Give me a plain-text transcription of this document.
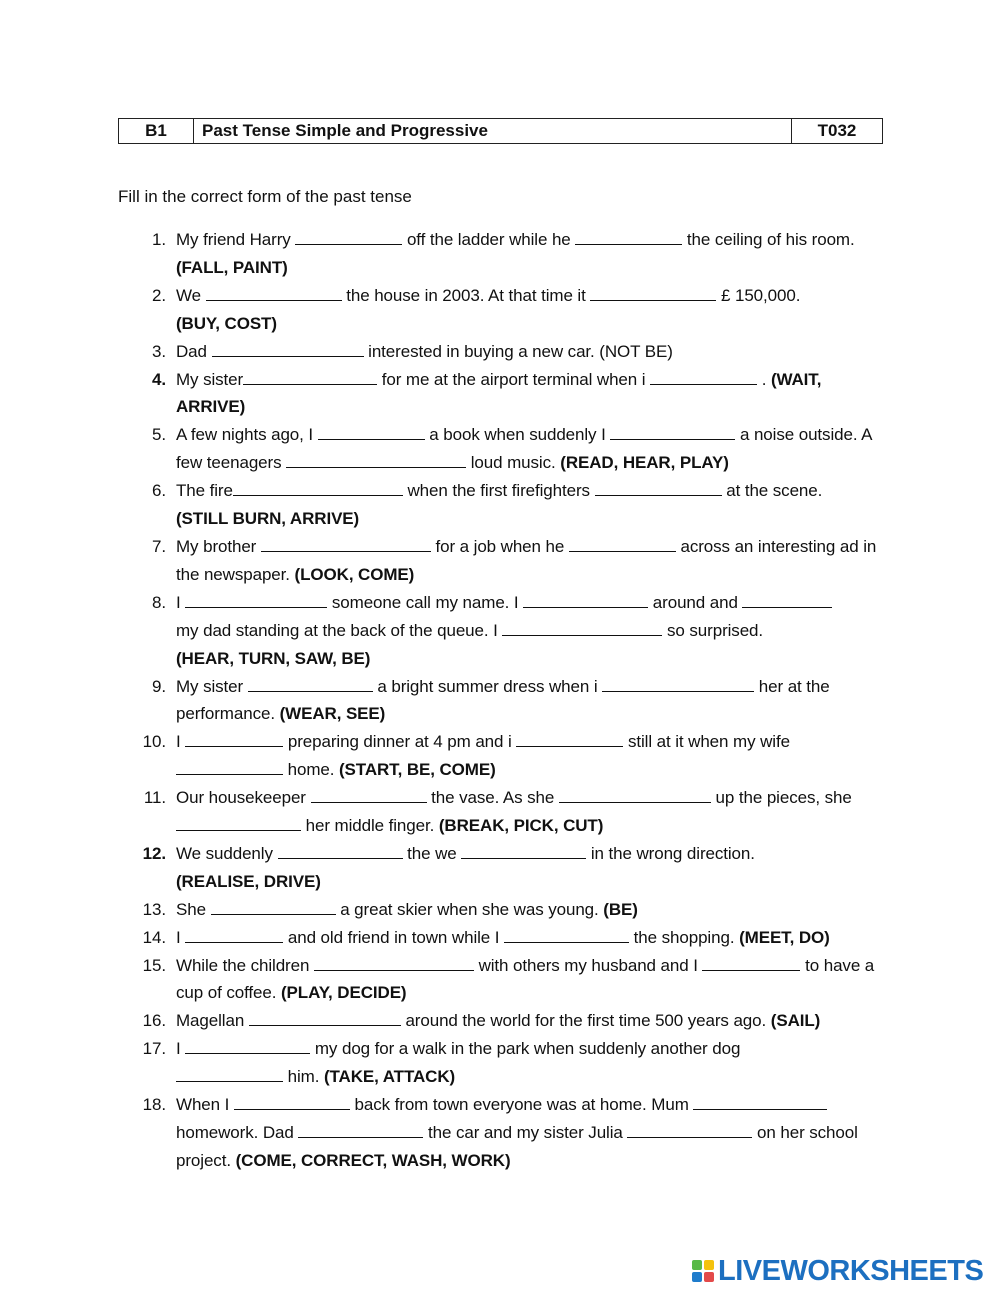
B1	Past Tense Simple and Progressive	T032
Fill in the correct form of the past tense
1. My friend Harry	off the ladder while he	the ceiling of his room. (FALL, PAINT)
2. We	the house in 2003. At that time it	£ 150,000.
(BUY, COST)
3. Dad	interested in buying a new car. (NOT BE)
4. My sister	for me at the airport terminal when i	. (WAIT, ARRIVE)
5. A few nights ago, I	a book when suddenly I	a noise outside. A few teenagers	loud music. (READ, HEAR, PLAY)
6. The fire	when the first firefighters	at the scene.
(STILL BURN, ARRIVE)
7. My brother	for a job when he	across an interesting ad in the newspaper. (LOOK, COME)
8. I	someone call my name. I	around and
my dad standing at the back of the queue. I	so surprised.
(HEAR, TURN, SAW, BE)
9. My sister	a bright summer dress when i	her at the performance. (WEAR, SEE)
10. I	preparing dinner at 4 pm and i	still at it when my wife
home. (START, BE, COME)
11. Our housekeeper	the vase. As she	up the pieces, she  her middle finger. (BREAK, PICK, CUT)
12. We suddenly	the we	in the wrong direction.
(REALISE, DRIVE)
13. She	a great skier when she was young. (BE)
14. I	and old friend in town while I	the shopping. (MEET, DO)
15. While the children	with others my husband and I	to have a cup of coffee. (PLAY, DECIDE)
16. Magellan	around the world for the first time 500 years ago. (SAIL)
17. I	my dog for a walk in the park when suddenly another dog
him. (TAKE, ATTACK)
18. When I	back from town everyone was at home. Mum
homework. Dad	the car and my sister Julia	on her school project. (COME, CORRECT, WASH, WORK)
LIVEWORKSHEETS
